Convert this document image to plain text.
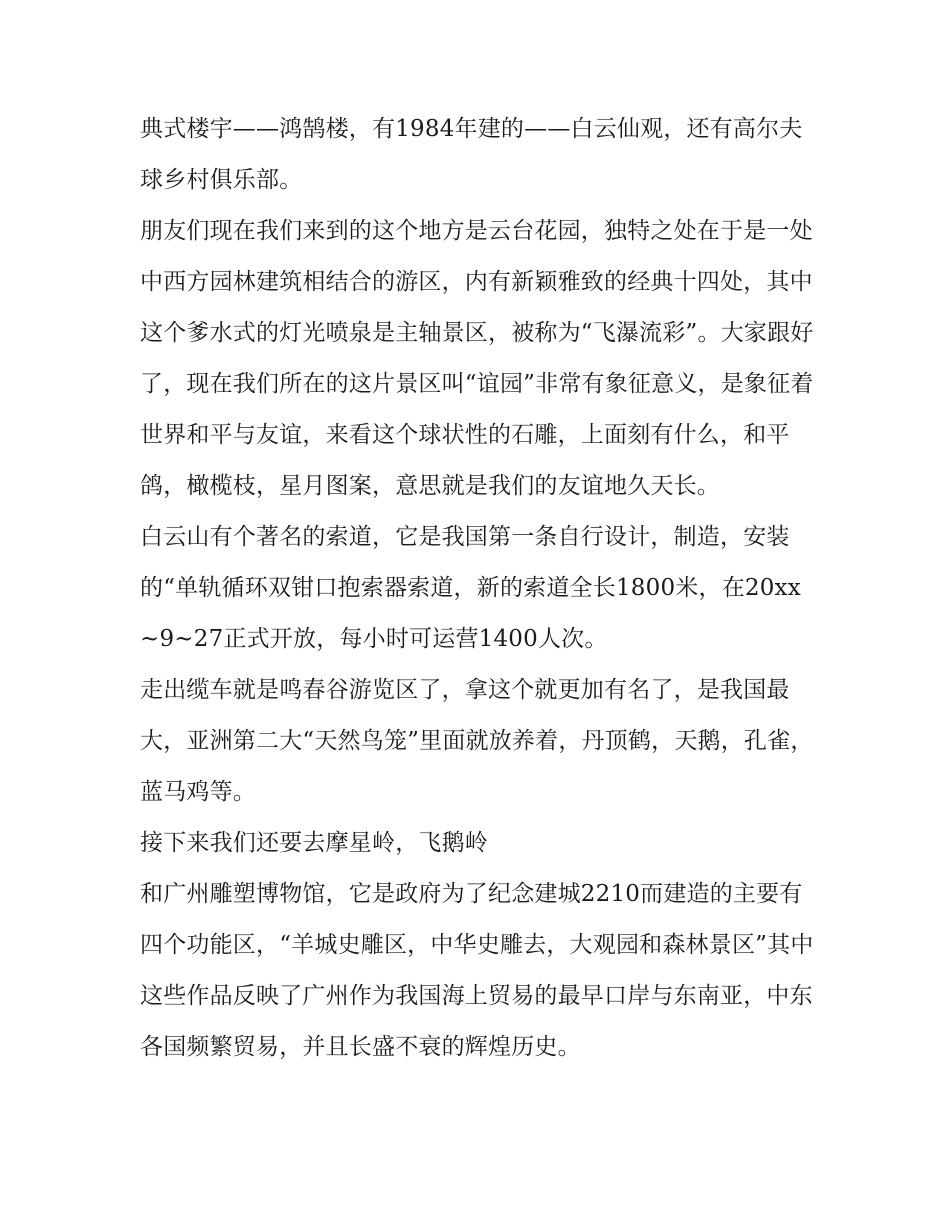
典式楼宇——鸿鹄楼，有1984年建的——白云仙观，还有高尔夫球乡村俱乐部。

朋友们现在我们来到的这个地方是云台花园，独特之处在于是一处中西方园林建筑相结合的游区，内有新颖雅致的经典十四处，其中这个爹水式的灯光喷泉是主轴景区，被称为“飞瀑流彩”。大家跟好了，现在我们所在的这片景区叫“谊园”非常有象征意义，是象征着世界和平与友谊，来看这个球状性的石雕，上面刻有什么，和平鸽，橄榄枝，星月图案，意思就是我们的友谊地久天长。

白云山有个著名的索道，它是我国第一条自行设计，制造，安装的“单轨循环双钳口抱索器索道，新的索道全长1800米，在20xx~9~27正式开放，每小时可运营1400人次。

走出缆车就是鸣春谷游览区了，拿这个就更加有名了，是我国最大，亚洲第二大“天然鸟笼”里面就放养着，丹顶鹤，天鹅，孔雀，蓝马鸡等。

接下来我们还要去摩星岭，飞鹅岭

和广州雕塑博物馆，它是政府为了纪念建城2210而建造的主要有四个功能区，“羊城史雕区，中华史雕去，大观园和森林景区”其中这些作品反映了广州作为我国海上贸易的最早口岸与东南亚，中东各国频繁贸易，并且长盛不衰的辉煌历史。
